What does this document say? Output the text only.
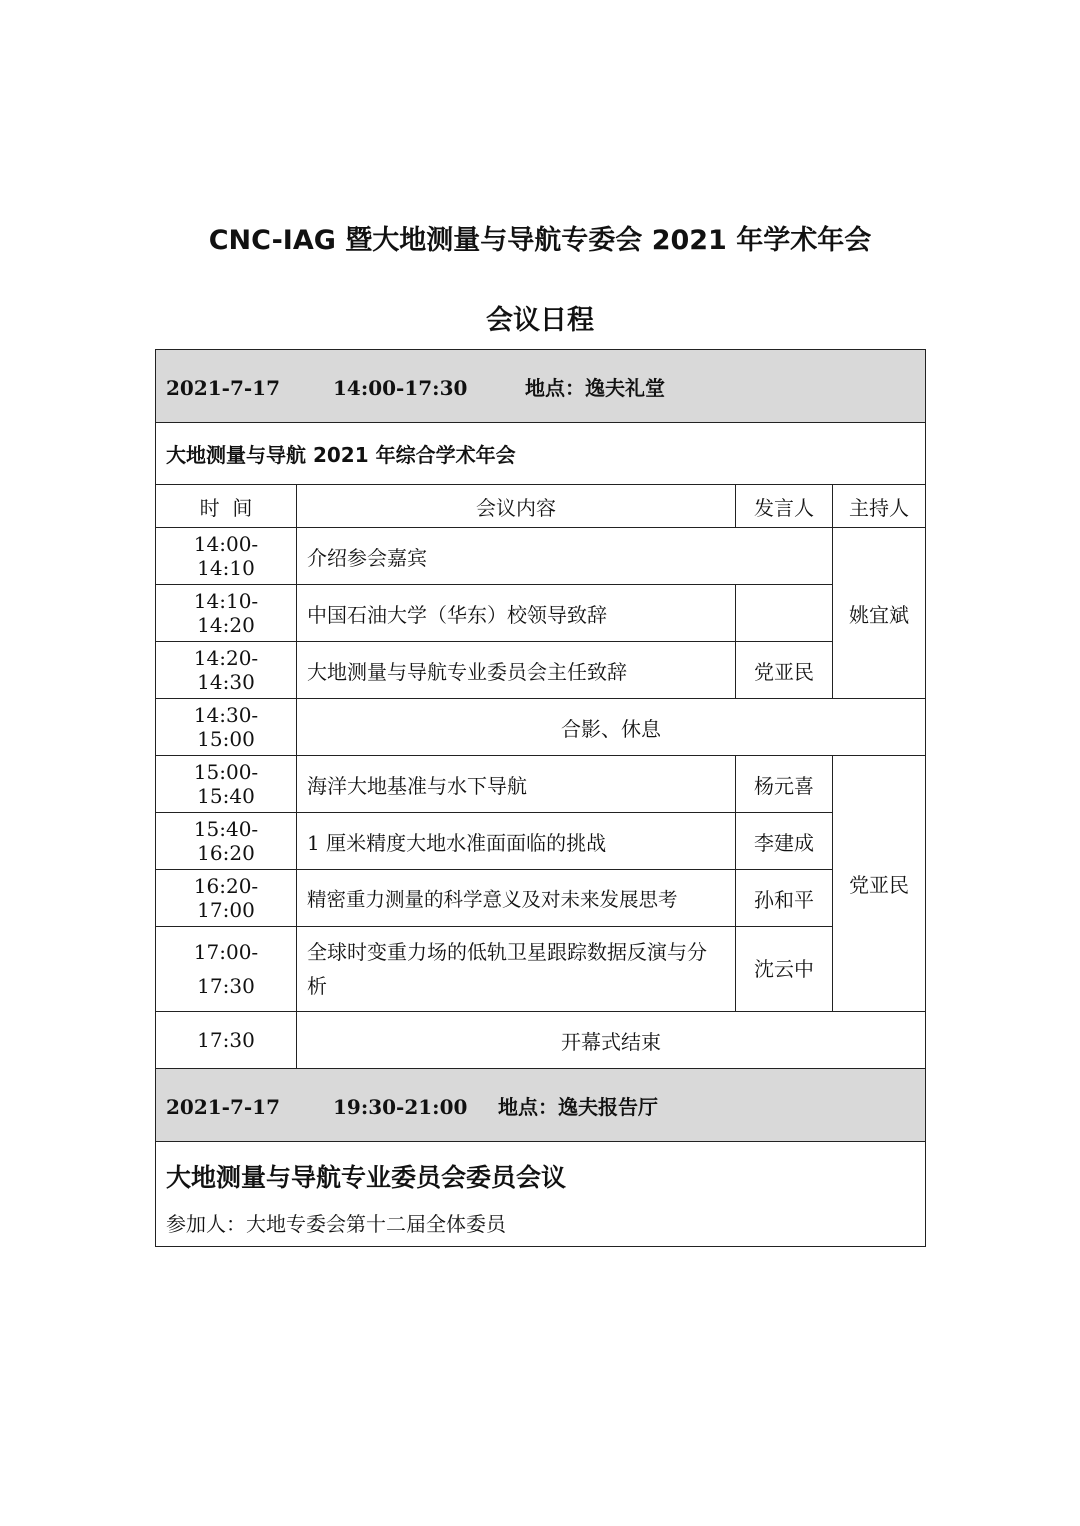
CNC-IAG 暨大地测量与导航专委会 2021 年学术年会
会议日程
2021-7-17 14:00-17:30 地点：逸夫礼堂			
大地测量与导航 2021 年综合学术年会			
时  间	会议内容	发言人	主持人
14:00-14:10	介绍参会嘉宾		姚宜斌
14:10-14:20	中国石油大学（华东）校领导致辞		
14:20-14:30	大地测量与导航专业委员会主任致辞	党亚民	
14:30-15:00	合影、休息		
15:00-15:40	海洋大地基准与水下导航	杨元喜	党亚民
15:40-16:20	1 厘米精度大地水准面面临的挑战	李建成	
16:20-17:00	精密重力测量的科学意义及对未来发展思考	孙和平	
17:00-17:30	全球时变重力场的低轨卫星跟踪数据反演与分析	沈云中	
17:30	开幕式结束		
2021-7-17 19:30-21:00 地点：逸夫报告厅			

大地测量与导航专业委员会委员会议
参加人：大地专委会第十二届全体委员			
